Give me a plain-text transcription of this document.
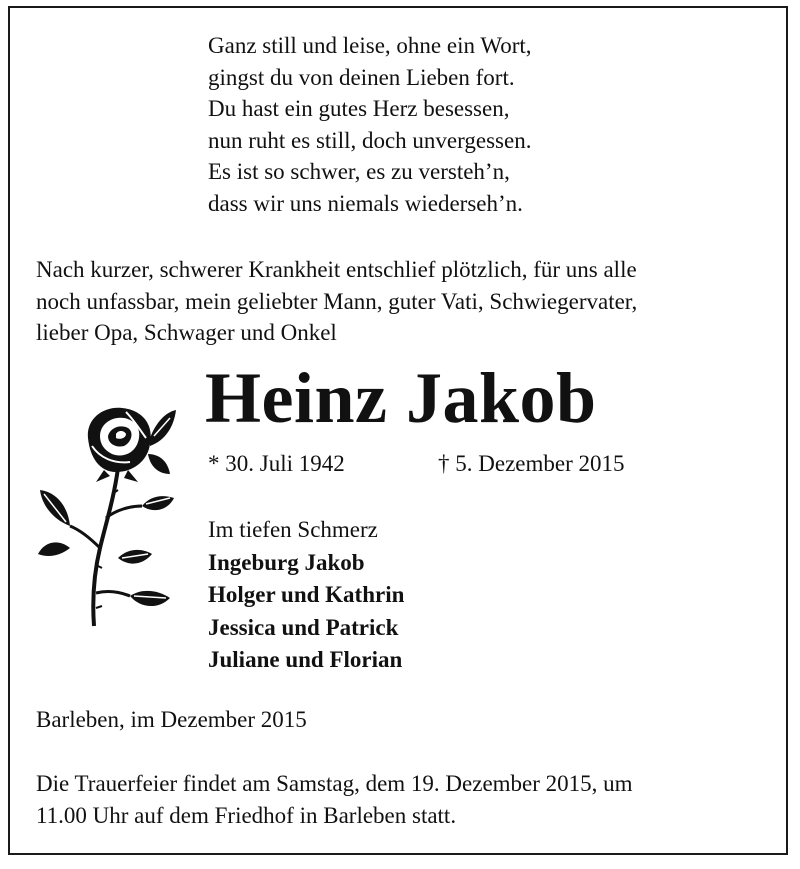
Ganz still und leise, ohne ein Wort,
gingst du von deinen Lieben fort.
Du hast ein gutes Herz besessen,
nun ruht es still, doch unvergessen.
Es ist so schwer, es zu versteh’n,
dass wir uns niemals wiederseh’n.
Nach kurzer, schwerer Krankheit entschlief plötzlich, für uns alle
noch unfassbar, mein geliebter Mann, guter Vati, Schwiegervater,
lieber Opa, Schwager und Onkel
Heinz Jakob
* 30. Juli 1942	† 5. Dezember 2015
Im tiefen Schmerz
Ingeburg Jakob
Holger und Kathrin
Jessica und Patrick
Juliane und Florian
Barleben, im Dezember 2015
Die Trauerfeier findet am Samstag, dem 19. Dezember 2015, um
11.00 Uhr auf dem Friedhof in Barleben statt.
